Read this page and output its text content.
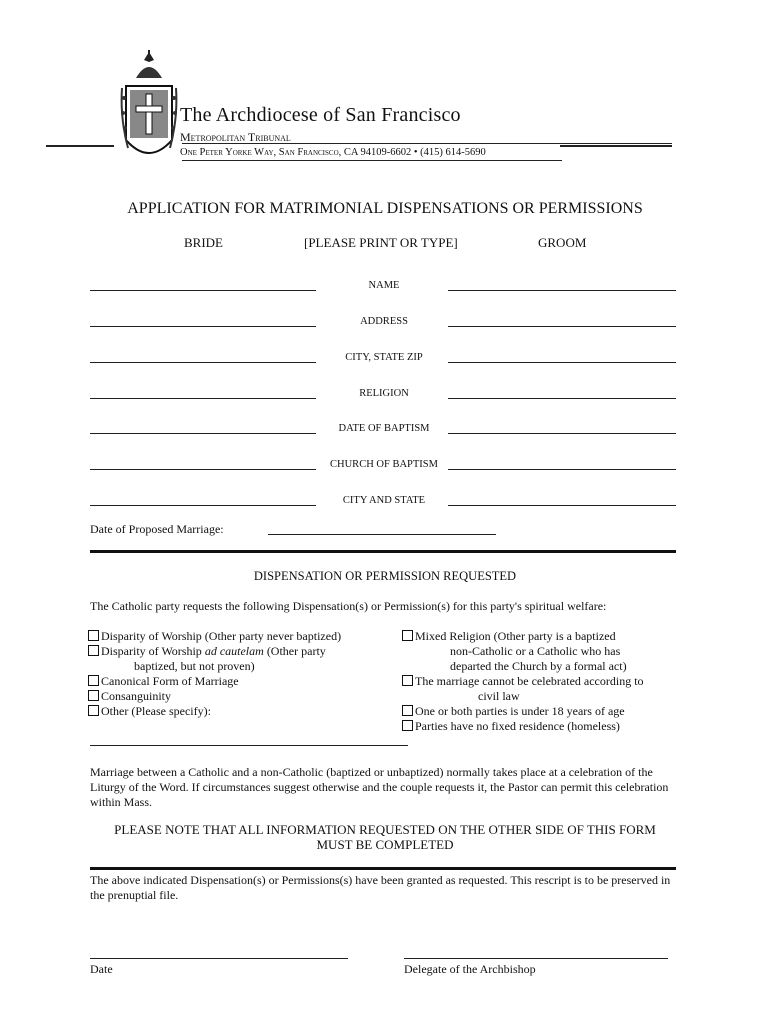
The Archdiocese of San Francisco
Metropolitan Tribunal
One Peter Yorke Way, San Francisco, CA 94109-6602 • (415) 614-5690
APPLICATION FOR MATRIMONIAL DISPENSATIONS OR PERMISSIONS
BRIDE	[PLEASE PRINT OR TYPE]	GROOM
NAME
ADDRESS
CITY, STATE ZIP
RELIGION
DATE OF BAPTISM
CHURCH OF BAPTISM
CITY AND STATE
Date of Proposed Marriage:
DISPENSATION OR PERMISSION REQUESTED
The Catholic party requests the following Dispensation(s) or Permission(s) for this party's spiritual welfare:
Disparity of Worship (Other party never baptized)
Disparity of Worship ad cautelam (Other party
baptized, but not proven)
Canonical Form of Marriage
Consanguinity
Other (Please specify):
Mixed Religion (Other party is a baptized
non-Catholic or a Catholic who has
departed the Church by a formal act)
The marriage cannot be celebrated according to
civil law
One or both parties is under 18 years of age
Parties have no fixed residence (homeless)
Marriage between a Catholic and a non-Catholic (baptized or unbaptized) normally takes place at a celebration of the Liturgy of the Word. If circumstances suggest otherwise and the couple requests it, the Pastor can permit this celebration within Mass.
PLEASE NOTE THAT ALL INFORMATION REQUESTED ON THE OTHER SIDE OF THIS FORM
MUST BE COMPLETED
The above indicated Dispensation(s) or Permissions(s) have been granted as requested. This rescript is to be preserved in the prenuptial file.
Date	Delegate of the Archbishop
